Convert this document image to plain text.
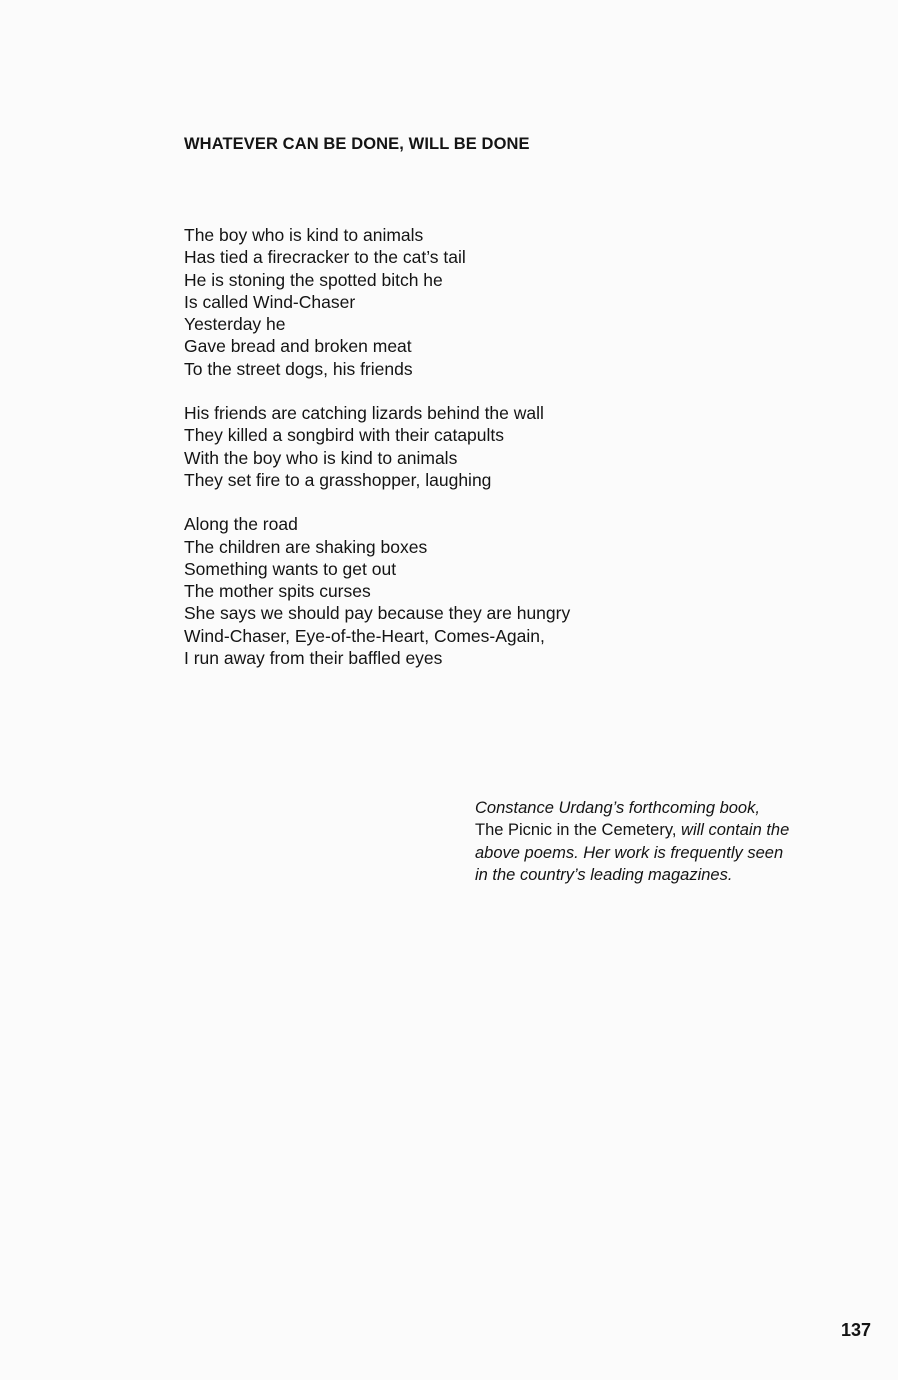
WHATEVER CAN BE DONE, WILL BE DONE
The boy who is kind to animals
Has tied a firecracker to the cat’s tail
He is stoning the spotted bitch he
Is called Wind-Chaser
Yesterday he
Gave bread and broken meat
To the street dogs, his friends
His friends are catching lizards behind the wall
They killed a songbird with their catapults
With the boy who is kind to animals
They set fire to a grasshopper, laughing
Along the road
The children are shaking boxes
Something wants to get out
The mother spits curses
She says we should pay because they are hungry
Wind-Chaser, Eye-of-the-Heart, Comes-Again,
I run away from their baffled eyes
Constance Urdang’s forthcoming book,
The Picnic in the Cemetery, will contain the
above poems. Her work is frequently seen
in the country’s leading magazines.

137
